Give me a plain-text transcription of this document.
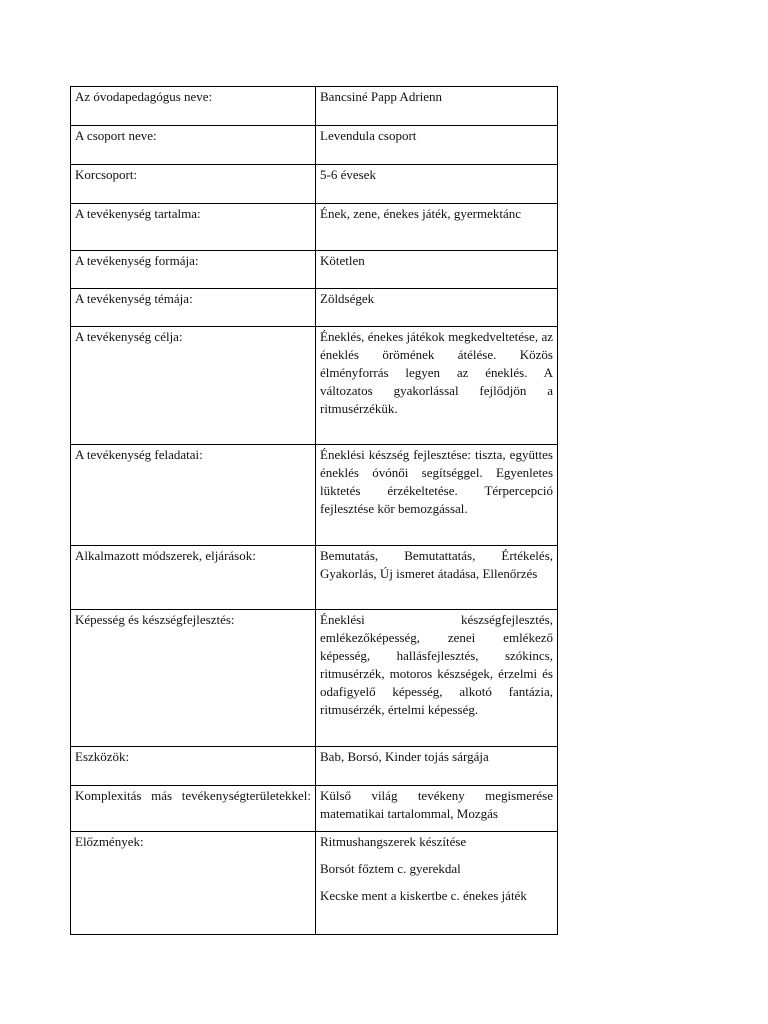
Az óvodapedagógus neve:	Bancsiné Papp Adrienn
A csoport neve:	Levendula csoport
Korcsoport:	5-6 évesek
A tevékenység tartalma:	Ének, zene, énekes játék, gyermektánc
A tevékenység formája:	Kötetlen
A tevékenység témája:	Zöldségek
A tevékenység célja:	Éneklés, énekes játékok megkedveltetése, az éneklés örömének átélése. Közös élményforrás legyen az éneklés. A változatos gyakorlással fejlődjön a ritmusérzékük.
A tevékenység feladatai:	Éneklési készség fejlesztése: tiszta, együttes éneklés óvónői segítséggel. Egyenletes lüktetés érzékeltetése. Térpercepció fejlesztése kör bemozgással.
Alkalmazott módszerek, eljárások:	Bemutatás, Bemutattatás, Értékelés, Gyakorlás, Új ismeret átadása, Ellenőrzés
Képesség és készségfejlesztés:	Éneklési készségfejlesztés, emlékezőképesség, zenei emlékező képesség, hallásfejlesztés, szókincs, ritmusérzék, motoros készségek, érzelmi és odafigyelő képesség, alkotó fantázia, ritmusérzék, értelmi képesség.
Eszközök:	Bab, Borsó, Kinder tojás sárgája

Komplexitás más tevékenységterületekkel:	Külső világ tevékeny megismerése matematikai tartalommal, Mozgás
Előzmények:	Ritmushangszerek készítése
Borsót főztem c. gyerekdal
Kecske ment a kiskertbe c. énekes játék
